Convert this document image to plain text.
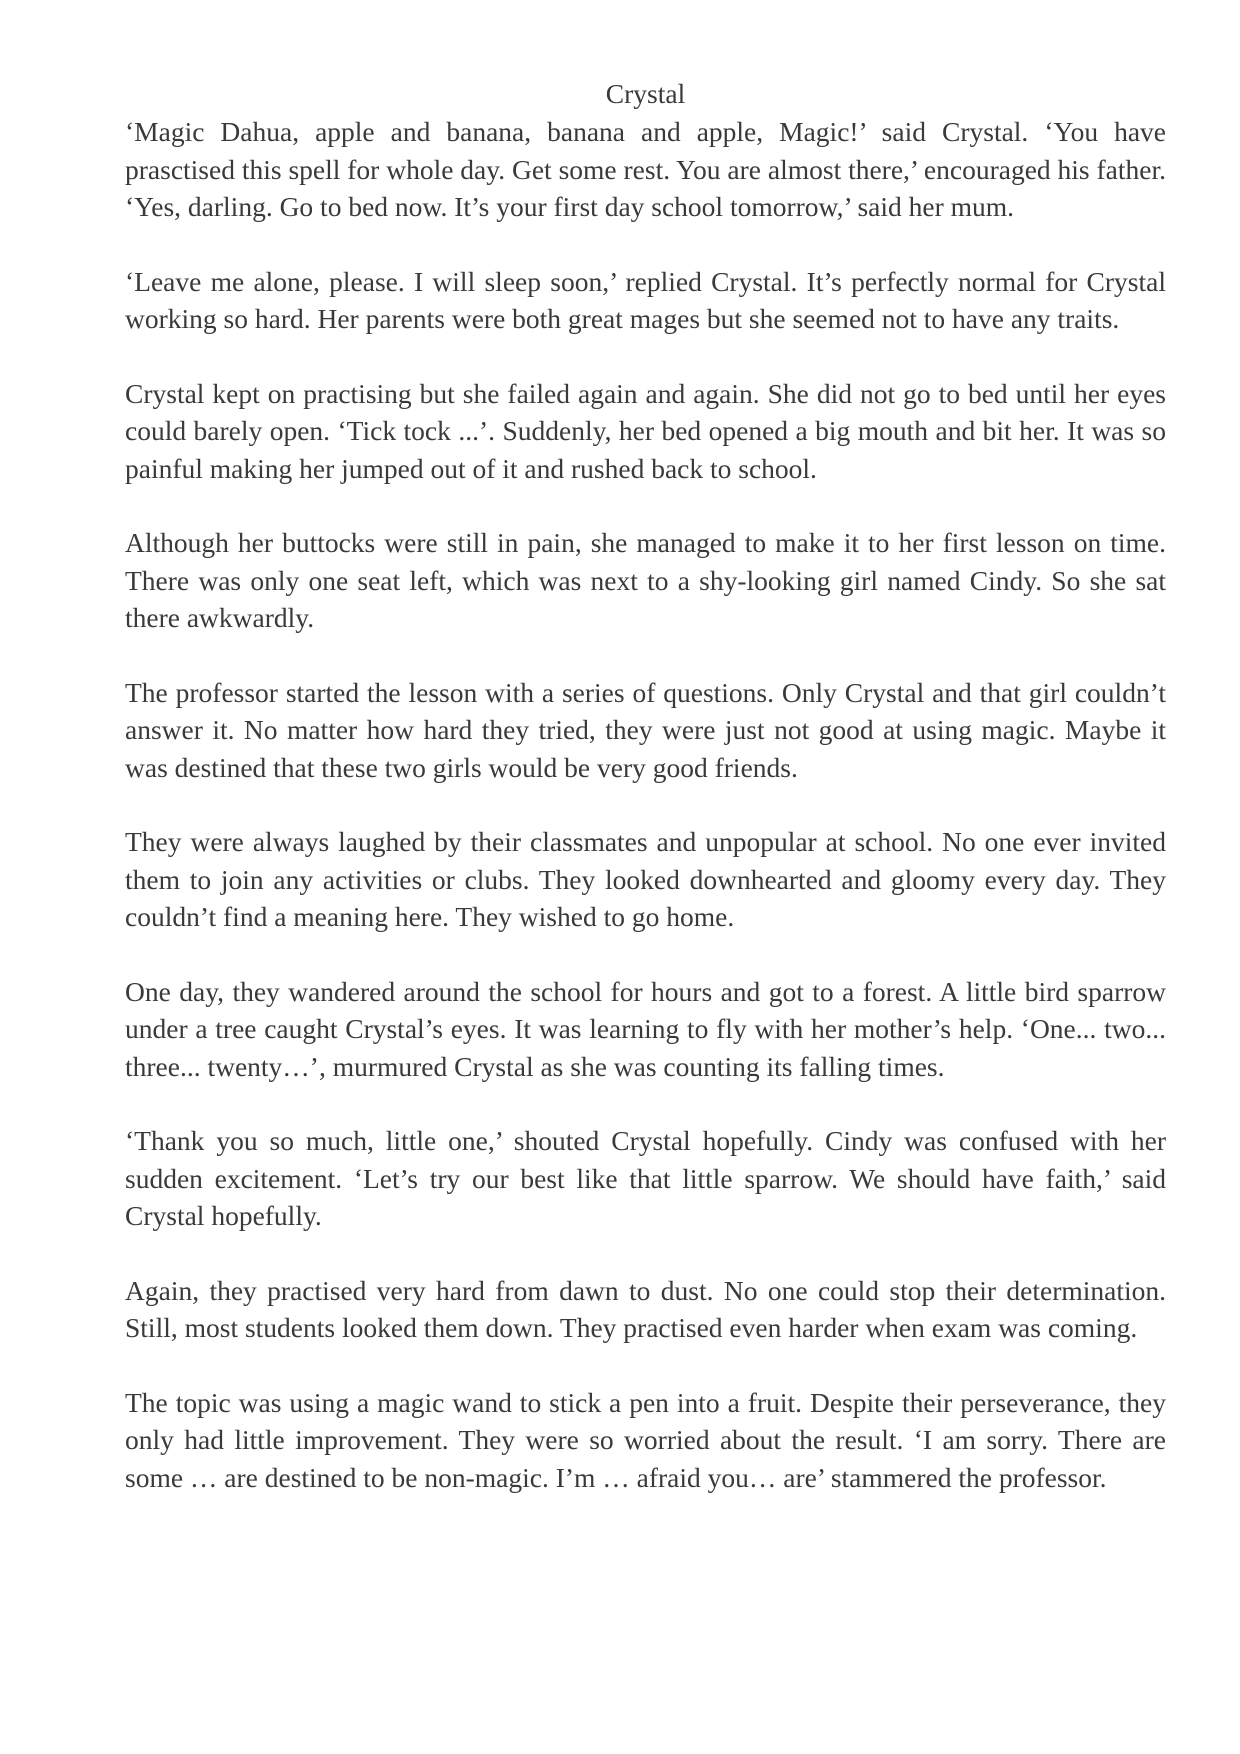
Crystal

‘Magic Dahua, apple and banana, banana and apple, Magic!’ said Crystal. ‘You have prasctised this spell for whole day. Get some rest. You are almost there,’ encouraged his father. ‘Yes, darling. Go to bed now. It’s your first day school tomorrow,’ said her mum.

‘Leave me alone, please. I will sleep soon,’ replied Crystal. It’s perfectly normal for Crystal working so hard. Her parents were both great mages but she seemed not to have any traits.

Crystal kept on practising but she failed again and again. She did not go to bed until her eyes could barely open. ‘Tick tock ...’. Suddenly, her bed opened a big mouth and bit her. It was so painful making her jumped out of it and rushed back to school.

Although her buttocks were still in pain, she managed to make it to her first lesson on time. There was only one seat left, which was next to a shy-looking girl named Cindy. So she sat there awkwardly.

The professor started the lesson with a series of questions. Only Crystal and that girl couldn’t answer it. No matter how hard they tried, they were just not good at using magic. Maybe it was destined that these two girls would be very good friends.

They were always laughed by their classmates and unpopular at school. No one ever invited them to join any activities or clubs. They looked downhearted and gloomy every day. They couldn’t find a meaning here. They wished to go home.

One day, they wandered around the school for hours and got to a forest. A little bird sparrow under a tree caught Crystal’s eyes. It was learning to fly with her mother’s help. ‘One... two... three... twenty…’, murmured Crystal as she was counting its falling times.

‘Thank you so much, little one,’ shouted Crystal hopefully. Cindy was confused with her sudden excitement. ‘Let’s try our best like that little sparrow. We should have faith,’ said Crystal hopefully.

Again, they practised very hard from dawn to dust. No one could stop their determination. Still, most students looked them down. They practised even harder when exam was coming.

The topic was using a magic wand to stick a pen into a fruit. Despite their perseverance, they only had little improvement. They were so worried about the result. ‘I am sorry. There are some … are destined to be non-magic. I’m … afraid you… are’ stammered the professor.
